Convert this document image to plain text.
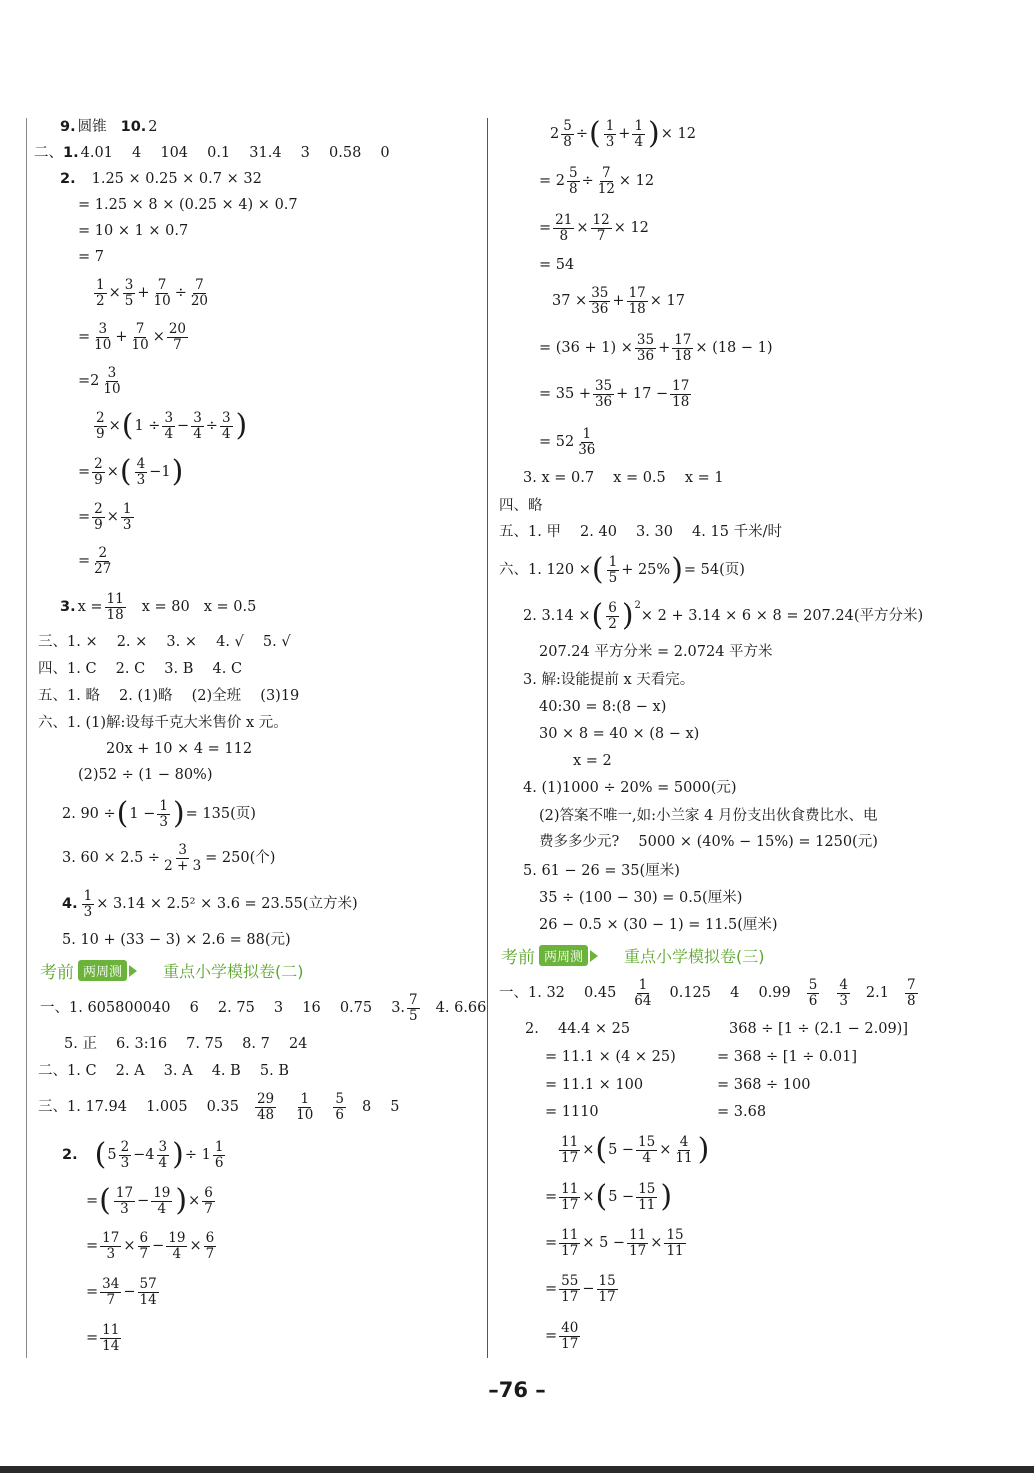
9. 圆锥 10. 2
二、 1. 4.01  4  104  0.1  31.4  3  0.58  0
2. 1.25 × 0.25 × 0.7 × 32
= 1.25 × 8 × (0.25 × 4) × 0.7
= 10 × 1 × 0.7
= 7
$\frac{1}{2} \times \frac{3}{5} + \frac{7}{10} \div \frac{7}{20}$
= $\frac{3}{10} + \frac{7}{10} \times \frac{20}{7}$
$=2 \frac{3}{10}$
$\frac{2}{9}$ × ( $1 \div \frac{3}{4} - \frac{3}{4} \div \frac{3}{4}$ )
= $\frac{2}{9}$ × ( $\frac{4}{3} -1$ )
= $\frac{2}{9} \times \frac{1}{3}$
= $\frac{2}{27}$
3. $x = \frac{11}{18}$ x = 80 x = 0.5
三、 1. ×  2. ×  3. ×  4. √  5. √
四、 1. C  2. C  3. B  4. C
五、 1. 略  2. (1)略  (2)全班  (3)19
六、 1. (1)解:设每千克大米售价 x 元。
20x + 10 × 4 = 112
(2)52 ÷ (1 − 80%)
2. 90 ÷ ( $1 - \frac{1}{3}$ ) = 135(页)
3. $60 \times 2.5 \div \frac{3}{2 + 3} = 250$(个)
4. $\frac{1}{3} \times 3.14 \times 2.5^2 \times 3.6 = 23.55$(立方米)
5. 10 + (33 − 3) × 2.6 = 88(元)
考前 两周测	重点小学模拟卷(二)
一、 1. 605800040  6  2. 75  3  16  0.75  3. $\frac{7}{5} 4$. 6.66
5. 正  6. 3:16  7. 75  8. 7  24
二、 1. C  2. A  3. A  4. B  5. B
三、 1. 17.94  1.005  $0.35 \frac{29}{48} \frac{1}{10} \frac{5}{6} 8$  5
2. ( $5 \frac{2}{3} -4 \frac{3}{4}$ ) ÷ $1 \frac{1}{6}$
= ( $\frac{17}{3} - \frac{19}{4}$ ) × $\frac{6}{7}$
= $\frac{17}{3} \times \frac{6}{7} - \frac{19}{4} \times \frac{6}{7}$
= $\frac{34}{7} - \frac{57}{14}$
= $\frac{11}{14}$
$2 \frac{5}{8}$ ÷ ( $\frac{1}{3} + \frac{1}{4}$ ) × 12
= $2 \frac{5}{8} \div \frac{7}{12} \times 12$
= $\frac{21}{8} \times \frac{12}{7} \times 12$
= 54
$37 \times \frac{35}{36} + \frac{17}{18} \times 17$
= $(36 + 1) \times \frac{35}{36} + \frac{17}{18} \times (18 - 1)$
= $35 + \frac{35}{36} + 17 - \frac{17}{18}$
= $52 \frac{1}{36}$
3. x = 0.7  x = 0.5  x = 1
四、略
五、 1. 甲  2. 40  3. 30  4. 15 千米/时
六、 1. 120 × ( $\frac{1}{5} + 25\%$ ) = 54(页)
2. 3.14 × ( $\frac{6}{2} )^2$
× 2 + 3.14 × 6 × 8 = 207.24(平方分米)
207.24 平方分米 = 2.0724 平方米
3. 解:设能提前 x 天看完。
40:30 = 8:(8 − x)
30 × 8 = 40 × (8 − x)
x = 2
4. (1)1000 ÷ 20% = 5000(元)
(2)答案不唯一,如:小兰家 4 月份支出伙食费比水、电
费多多少元?  5000 × (40% − 15%) = 1250(元)
5. 61 − 26 = 35(厘米)
35 ÷ (100 − 30) = 0.5(厘米)
26 − 0.5 × (30 − 1) = 11.5(厘米)
考前 两周测	重点小学模拟卷(三)
一、 1. 32  $0.45 \frac{1}{64} 0.125$  4  $0.99 \frac{5}{6} \frac{4}{3} 2.1 \frac{7}{8}$
2.  44.4 × 25	368 ÷ [1 ÷ (2.1 − 2.09)]
= 11.1 × (4 × 25)	= 368 ÷ [1 ÷ 0.01]
= 11.1 × 100	= 368 ÷ 100
= 1110	= 3.68
$\frac{11}{17}$ × ( $5 - \frac{15}{4} \times \frac{4}{11}$ )
= $\frac{11}{17}$ × ( $5 - \frac{15}{11}$ )
= $\frac{11}{17} \times 5 - \frac{11}{17} \times \frac{15}{11}$
= $\frac{55}{17} - \frac{15}{17}$
= $\frac{40}{17}$
–76 –
